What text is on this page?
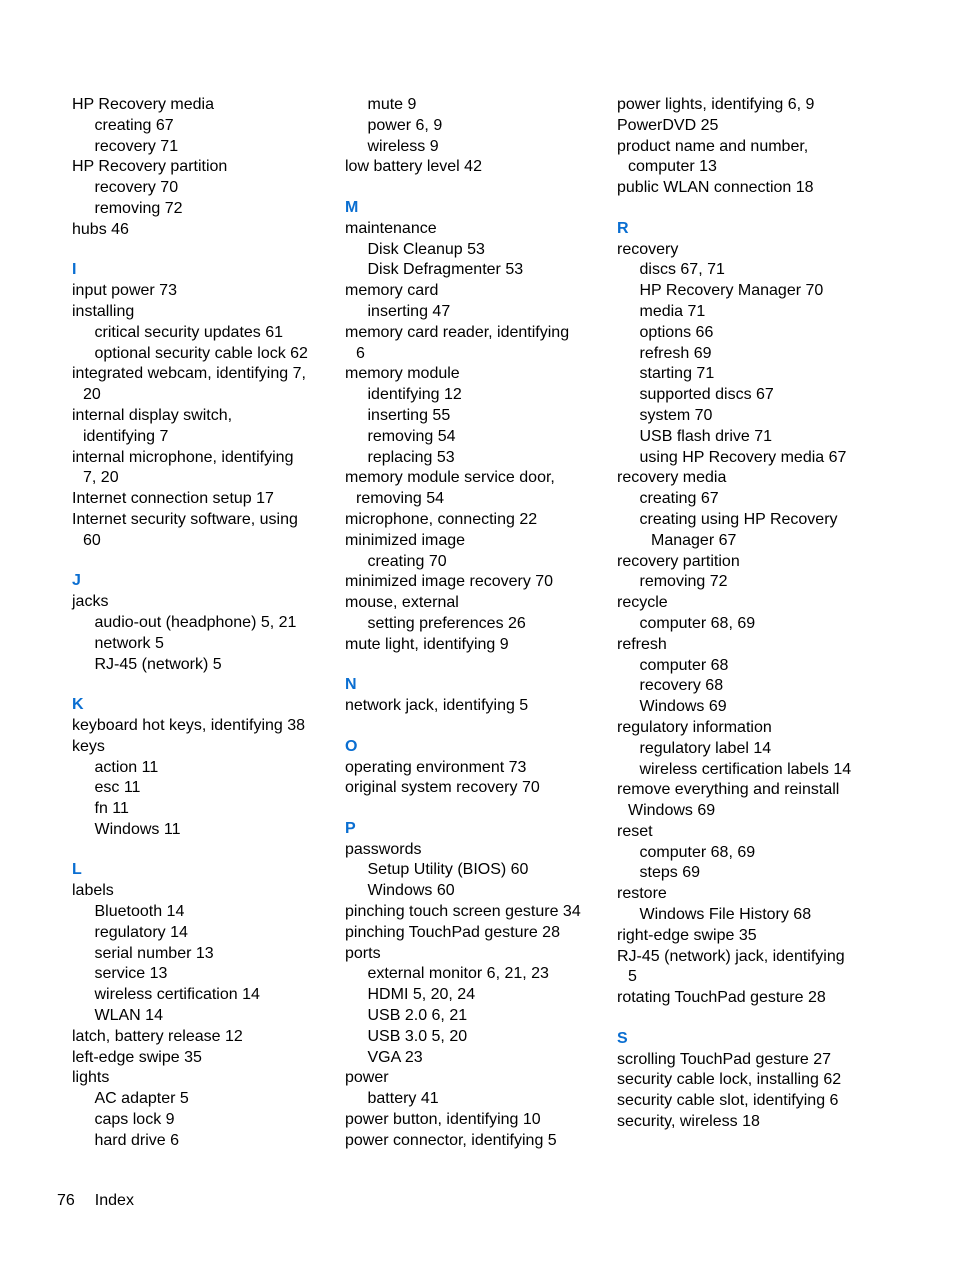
HP Recovery media
creating 67
recovery 71
HP Recovery partition
recovery 70
removing 72
hubs 46
I
input power 73
installing
critical security updates 61
optional security cable lock 62
integrated webcam, identifying 7,
20
internal display switch,
identifying 7
internal microphone, identifying
7, 20
Internet connection setup 17
Internet security software, using
60
J
jacks
audio-out (headphone) 5, 21
network 5
RJ-45 (network) 5
K
keyboard hot keys, identifying 38
keys
action 11
esc 11
fn 11
Windows 11
L
labels
Bluetooth 14
regulatory 14
serial number 13
service 13
wireless certification 14
WLAN 14
latch, battery release 12
left-edge swipe 35
lights
AC adapter 5
caps lock 9
hard drive 6
mute 9
power 6, 9
wireless 9
low battery level 42
M
maintenance
Disk Cleanup 53
Disk Defragmenter 53
memory card
inserting 47
memory card reader, identifying
6
memory module
identifying 12
inserting 55
removing 54
replacing 53
memory module service door,
removing 54
microphone, connecting 22
minimized image
creating 70
minimized image recovery 70
mouse, external
setting preferences 26
mute light, identifying 9
N
network jack, identifying 5
O
operating environment 73
original system recovery 70
P
passwords
Setup Utility (BIOS) 60
Windows 60
pinching touch screen gesture 34
pinching TouchPad gesture 28
ports
external monitor 6, 21, 23
HDMI 5, 20, 24
USB 2.0 6, 21
USB 3.0 5, 20
VGA 23
power
battery 41
power button, identifying 10
power connector, identifying 5
power lights, identifying 6, 9
PowerDVD 25
product name and number,
computer 13
public WLAN connection 18
R
recovery
discs 67, 71
HP Recovery Manager 70
media 71
options 66
refresh 69
starting 71
supported discs 67
system 70
USB flash drive 71
using HP Recovery media 67
recovery media
creating 67
creating using HP Recovery
Manager 67
recovery partition
removing 72
recycle
computer 68, 69
refresh
computer 68
recovery 68
Windows 69
regulatory information
regulatory label 14
wireless certification labels 14
remove everything and reinstall
Windows 69
reset
computer 68, 69
steps 69
restore
Windows File History 68
right-edge swipe 35
RJ-45 (network) jack, identifying
5
rotating TouchPad gesture 28
S
scrolling TouchPad gesture 27
security cable lock, installing 62
security cable slot, identifying 6
security, wireless 18
76 Index
